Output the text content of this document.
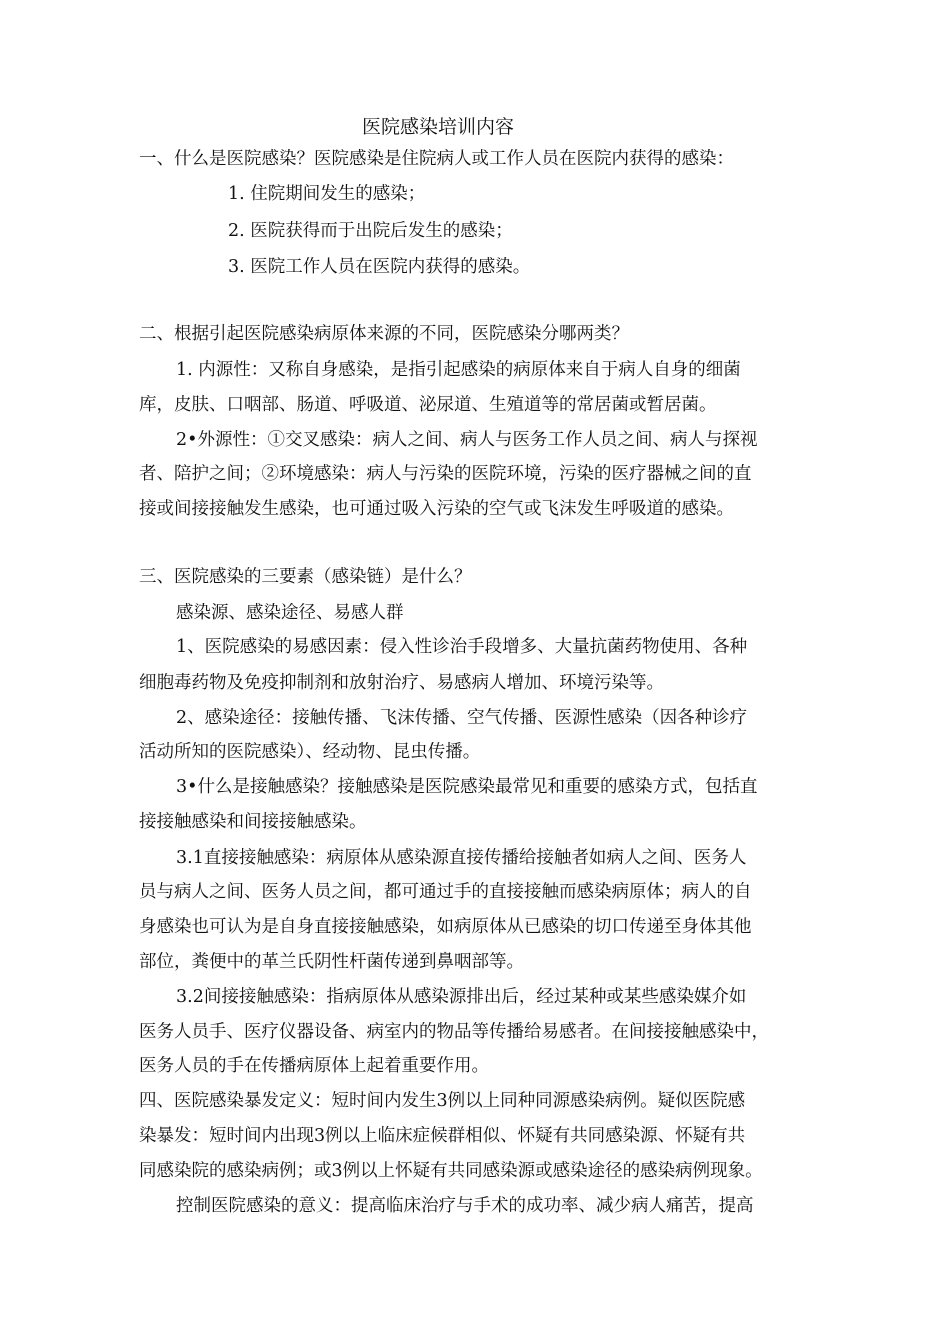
医院感染培训内容
一、什么是医院感染？医院感染是住院病人或工作人员在医院内获得的感染：
1. 住院期间发生的感染；
2. 医院获得而于出院后发生的感染；
3. 医院工作人员在医院内获得的感染。
二、根据引起医院感染病原体来源的不同，医院感染分哪两类？
1. 内源性：又称自身感染，是指引起感染的病原体来自于病人自身的细菌
库，皮肤、口咽部、肠道、呼吸道、泌尿道、生殖道等的常居菌或暂居菌。
2•外源性：①交叉感染：病人之间、病人与医务工作人员之间、病人与探视
者、陪护之间；②环境感染：病人与污染的医院环境，污染的医疗器械之间的直
接或间接接触发生感染，也可通过吸入污染的空气或飞沫发生呼吸道的感染。
三、医院感染的三要素（感染链）是什么？
感染源、感染途径、易感人群
1、医院感染的易感因素：侵入性诊治手段增多、大量抗菌药物使用、各种
细胞毒药物及免疫抑制剂和放射治疗、易感病人增加、环境污染等。
2、感染途径：接触传播、飞沫传播、空气传播、医源性感染（因各种诊疗
活动所知的医院感染）、经动物、昆虫传播。
3•什么是接触感染？接触感染是医院感染最常见和重要的感染方式，包括直
接接触感染和间接接触感染。
3.1直接接触感染：病原体从感染源直接传播给接触者如病人之间、医务人
员与病人之间、医务人员之间，都可通过手的直接接触而感染病原体；病人的自
身感染也可认为是自身直接接触感染，如病原体从已感染的切口传递至身体其他
部位，粪便中的革兰氏阴性杆菌传递到鼻咽部等。
3.2间接接触感染：指病原体从感染源排出后，经过某种或某些感染媒介如
医务人员手、医疗仪器设备、病室内的物品等传播给易感者。在间接接触感染中，
医务人员的手在传播病原体上起着重要作用。
四、医院感染暴发定义：短时间内发生3例以上同种同源感染病例。疑似医院感
染暴发：短时间内出现3例以上临床症候群相似、怀疑有共同感染源、怀疑有共
同感染院的感染病例；或3例以上怀疑有共同感染源或感染途径的感染病例现象。
控制医院感染的意义：提高临床治疗与手术的成功率、减少病人痛苦，提高
